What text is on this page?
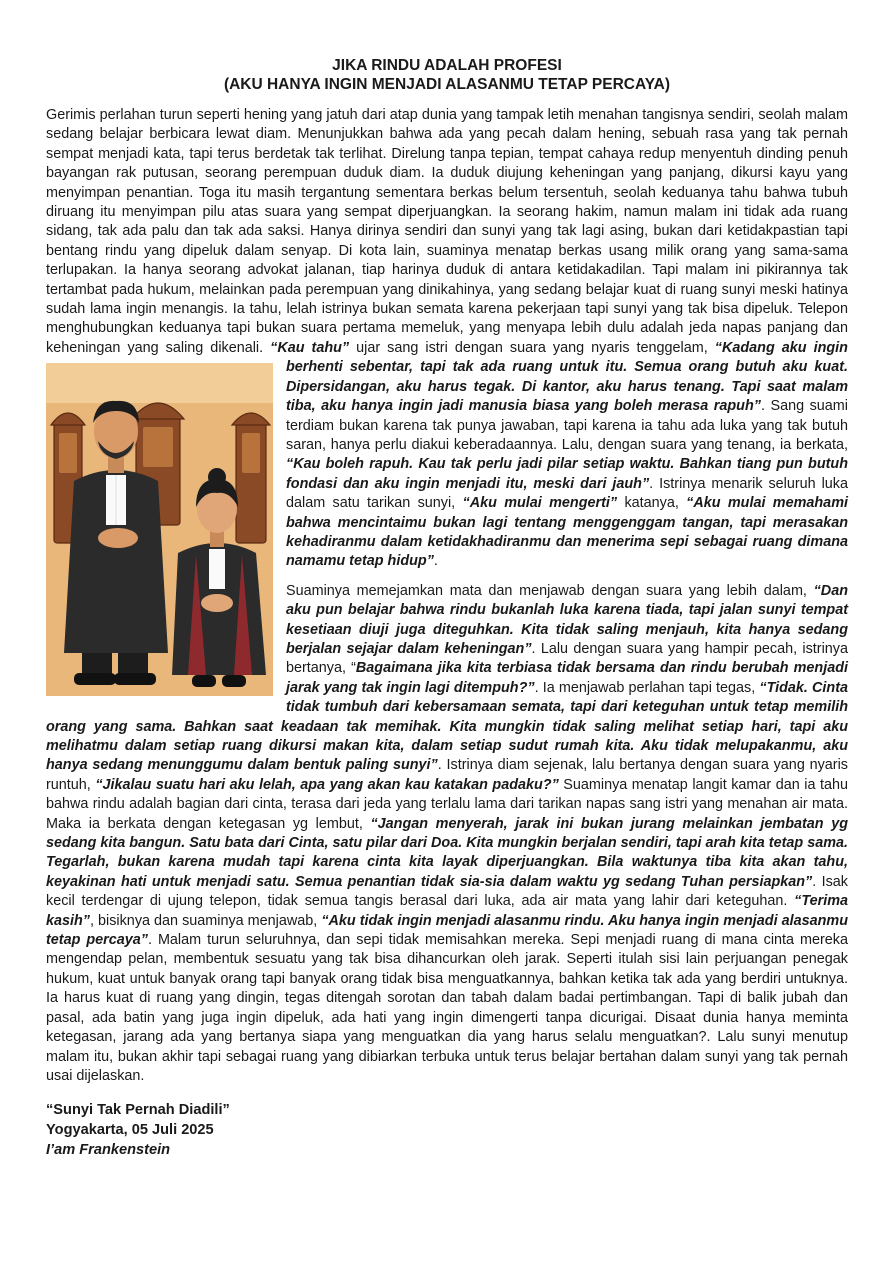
JIKA RINDU ADALAH PROFESI
(AKU HANYA INGIN MENJADI ALASANMU TETAP PERCAYA)

Gerimis perlahan turun seperti hening yang jatuh dari atap dunia yang tampak letih menahan tangisnya sendiri, seolah malam sedang belajar berbicara lewat diam. Menunjukkan bahwa ada yang pecah dalam hening, sebuah rasa yang tak pernah sempat menjadi kata, tapi terus berdetak tak terlihat. Direlung tanpa tepian, tempat cahaya redup menyentuh dinding penuh bayangan rak putusan, seorang perempuan duduk diam. Ia duduk diujung keheningan yang panjang, dikursi kayu yang menyimpan penantian. Toga itu masih tergantung sementara berkas belum tersentuh, seolah keduanya tahu bahwa tubuh diruang itu menyimpan pilu atas suara yang sempat diperjuangkan. Ia seorang hakim, namun malam ini tidak ada ruang sidang, tak ada palu dan tak ada saksi. Hanya dirinya sendiri dan sunyi yang tak lagi asing, bukan dari ketidakpastian tapi bentang rindu yang dipeluk dalam senyap. Di kota lain, suaminya menatap berkas usang milik orang yang sama-sama terlupakan. Ia hanya seorang advokat jalanan, tiap harinya duduk di antara ketidakadilan. Tapi malam ini pikirannya tak tertambat pada hukum, melainkan pada perempuan yang dinikahinya, yang sedang belajar kuat di ruang sunyi meski hatinya sudah lama ingin menangis. Ia tahu, lelah istrinya bukan semata karena pekerjaan tapi sunyi yang tak bisa dipeluk. Telepon menghubungkan keduanya tapi bukan suara pertama memeluk, yang menyapa lebih dulu adalah jeda napas panjang dan keheningan yang saling dikenali. “Kau tahu” ujar sang istri dengan suara yang nyaris tenggelam,
“Kadang aku ingin berhenti sebentar, tapi tak ada ruang untuk itu. Semua orang butuh aku kuat. Dipersidangan, aku harus tegak. Di kantor, aku harus tenang. Tapi saat malam tiba, aku hanya ingin jadi manusia biasa yang boleh merasa rapuh”. Sang suami terdiam bukan karena tak punya jawaban, tapi karena ia tahu ada luka yang tak butuh saran, hanya perlu diakui keberadaannya. Lalu, dengan suara yang tenang, ia berkata, “Kau boleh rapuh. Kau tak perlu jadi pilar setiap waktu. Bahkan tiang pun butuh fondasi dan aku ingin menjadi itu, meski dari jauh”. Istrinya menarik seluruh luka dalam satu tarikan sunyi, “Aku mulai mengerti” katanya, “Aku mulai memahami bahwa mencintaimu bukan lagi tentang menggenggam tangan, tapi merasakan kehadiranmu dalam ketidakhadiranmu dan menerima sepi sebagai ruang dimana namamu tetap hidup”.

Suaminya memejamkan mata dan menjawab dengan suara yang lebih dalam, “Dan aku pun belajar bahwa rindu bukanlah luka karena tiada, tapi jalan sunyi tempat kesetiaan diuji juga diteguhkan. Kita tidak saling menjauh, kita hanya sedang berjalan sejajar dalam keheningan”. Lalu dengan suara yang hampir pecah, istrinya bertanya, “Bagaimana jika kita terbiasa tidak bersama dan rindu berubah menjadi jarak yang tak ingin lagi ditempuh?”. Ia menjawab perlahan tapi tegas, “Tidak. Cinta tidak tumbuh dari kebersamaan semata, tapi dari keteguhan untuk tetap memilih orang yang sama. Bahkan saat keadaan tak memihak. Kita mungkin tidak saling melihat setiap hari, tapi aku melihatmu dalam setiap ruang dikursi makan kita, dalam setiap sudut rumah kita. Aku tidak melupakanmu, aku hanya sedang menunggumu dalam bentuk paling sunyi”. Istrinya diam sejenak, lalu bertanya dengan suara yang nyaris runtuh, “Jikalau suatu hari aku lelah, apa yang akan kau katakan padaku?” Suaminya menatap langit kamar dan ia tahu bahwa rindu adalah bagian dari cinta, terasa dari jeda yang terlalu lama dari tarikan napas sang istri yang menahan air mata. Maka ia berkata dengan ketegasan yg lembut, “Jangan menyerah, jarak ini bukan jurang melainkan jembatan yg sedang kita bangun. Satu bata dari Cinta, satu pilar dari Doa. Kita mungkin berjalan sendiri, tapi arah kita tetap sama. Tegarlah, bukan karena mudah tapi karena cinta kita layak diperjuangkan. Bila waktunya tiba kita akan tahu, keyakinan hati untuk menjadi satu. Semua penantian tidak sia-sia dalam waktu yg sedang Tuhan persiapkan”. Isak kecil terdengar di ujung telepon, tidak semua tangis berasal dari luka, ada air mata yang lahir dari keteguhan. “Terima kasih”, bisiknya dan suaminya menjawab, “Aku tidak ingin menjadi alasanmu rindu. Aku hanya ingin menjadi alasanmu tetap percaya”. Malam turun seluruhnya, dan sepi tidak memisahkan mereka. Sepi menjadi ruang di mana cinta mereka mengendap pelan, membentuk sesuatu yang tak bisa dihancurkan oleh jarak. Seperti itulah sisi lain perjuangan penegak hukum, kuat untuk banyak orang tapi banyak orang tidak bisa menguatkannya, bahkan ketika tak ada yang berdiri untuknya. Ia harus kuat di ruang yang dingin, tegas ditengah sorotan dan tabah dalam badai pertimbangan. Tapi di balik jubah dan pasal, ada batin yang juga ingin dipeluk, ada hati yang ingin dimengerti tanpa dicurigai. Disaat dunia hanya meminta ketegasan, jarang ada yang bertanya siapa yang menguatkan dia yang harus selalu menguatkan?. Lalu sunyi menutup malam itu, bukan akhir tapi sebagai ruang yang dibiarkan terbuka untuk terus belajar bertahan dalam sunyi yang tak pernah usai dijelaskan.

“Sunyi Tak Pernah Diadili”
Yogyakarta, 05 Juli 2025
I’am Frankenstein
